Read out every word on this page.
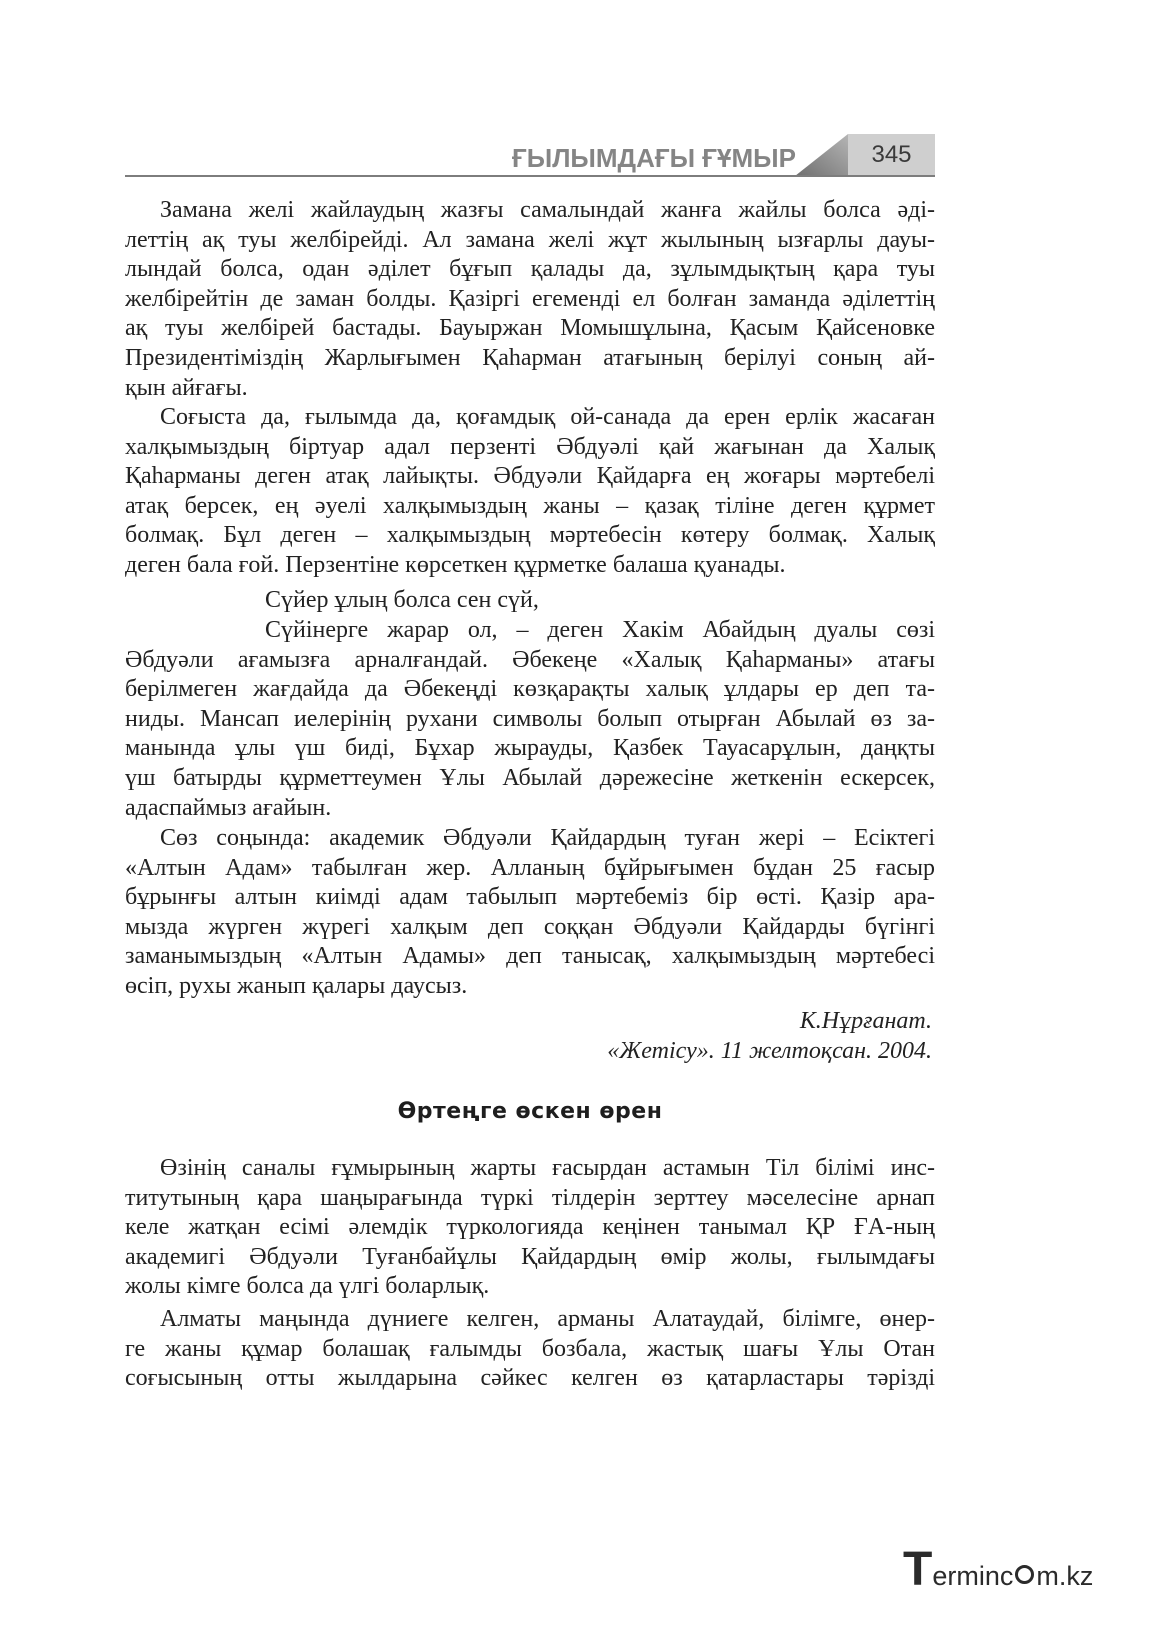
ҒЫЛЫМДАҒЫ ҒҰМЫР	345
Замана желі жайлаудың жазғы самалындай жанға жайлы болса әді-
леттің ақ туы желбірейді. Ал замана желі жұт жылының ызғарлы дауы-
лындай болса, одан әділет бұғып қалады да, зұлымдықтың қара туы
желбірейтін де заман болды. Қазіргі егеменді ел болған заманда әділеттің
ақ туы желбірей бастады. Бауыржан Момышұлына, Қасым Қайсеновке
Президентіміздің Жарлығымен Қаһарман атағының берілуі соның ай-
қын айғағы.
Соғыста да, ғылымда да, қоғамдық ой-санада да ерен ерлік жасаған
халқымыздың біртуар адал перзенті Әбдуәлі қай жағынан да Халық
Қаһарманы деген атақ лайықты. Әбдуәли Қайдарға ең жоғары мәртебелі
атақ берсек, ең әуелі халқымыздың жаны – қазақ тіліне деген құрмет
болмақ. Бұл деген – халқымыздың мәртебесін көтеру болмақ. Халық
деген бала ғой. Перзентіне көрсеткен құрметке балаша қуанады.
Сүйер ұлың болса сен сүй,
Сүйінерге жарар ол, – деген Хакім Абайдың дуалы сөзі
Әбдуәли ағамызға арналғандай. Әбекеңе «Халық Қаһарманы» атағы
берілмеген жағдайда да Әбекеңді көзқарақты халық ұлдары ер деп та-
ниды. Мансап иелерінің рухани символы болып отырған Абылай өз за-
манында ұлы үш биді, Бұхар жырауды, Қазбек Тауасарұлын, даңқты
үш батырды құрметтеумен Ұлы Абылай дәрежесіне жеткенін ескерсек,
адаспаймыз ағайын.
Сөз соңында: академик Әбдуәли Қайдардың туған жері – Есіктегі
«Алтын Адам» табылған жер. Алланың бұйрығымен бұдан 25 ғасыр
бұрынғы алтын киімді адам табылып мәртебеміз бір өсті. Қазір ара-
мызда жүрген жүрегі халқым деп соққан Әбдуәли Қайдарды бүгінгі
заманымыздың «Алтын Адамы» деп танысақ, халқымыздың мәртебесі
өсіп, рухы жанып қалары даусыз.
К.Нұрғанат.
«Жетісу». 11 желтоқсан. 2004.
Өртеңге өскен өрен
Өзінің саналы ғұмырының жарты ғасырдан астамын Тіл білімі инс-
титутының қара шаңырағында түркі тілдерін зерттеу мәселесіне арнап
келе жатқан есімі әлемдік түркологияда кеңінен танымал ҚР ҒА-ның
академигі Әбдуәли Туғанбайұлы Қайдардың өмір жолы, ғылымдағы
жолы кімге болса да үлгі боларлық.
Алматы маңында дүниеге келген, арманы Алатаудай, білімге, өнер-
ге жаны құмар болашақ ғалымды бозбала, жастық шағы Ұлы Отан
соғысының отты жылдарына сәйкес келген өз қатарластары тәрізді
T erminc m.kz
